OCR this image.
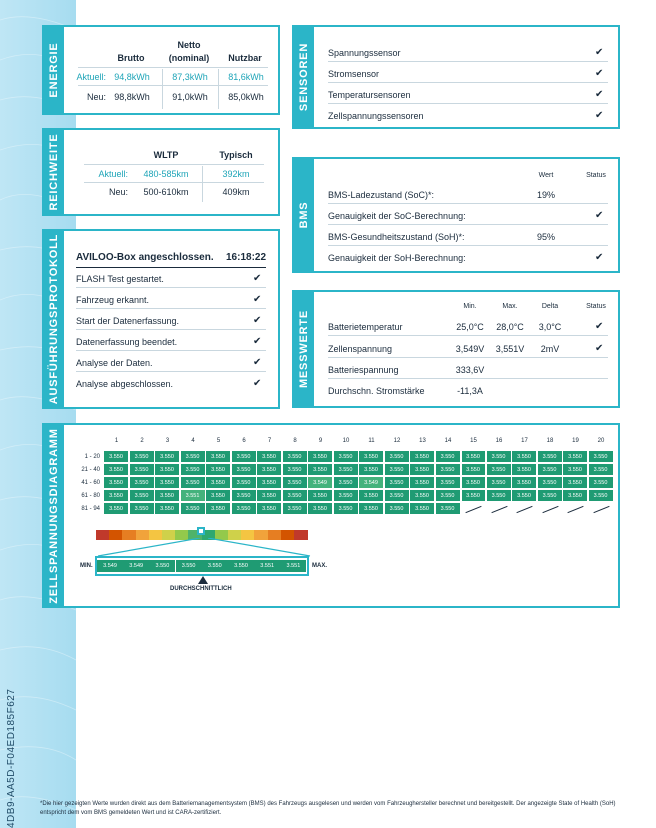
4DB9-AA5D-F04ED185F627
ENERGIE	Netto
Brutto	(nominal)	Nutzbar
Aktuell: 94,8kWh	87,3kWh	81,6kWh
Neu: 98,8kWh	91,0kWh	85,0kWh
REICHWEITE	WLTP	Typisch
Aktuell:	480-585km	392km
Neu:	500-610km	409km
AUSFÜHRUNGSPROTOKOLL AVILOO-Box angeschlossen. 16:18:22
FLASH Test gestartet.	✔
Fahrzeug erkannt.	✔
Start der Datenerfassung.	✔
Datenerfassung beendet.	✔
Analyse der Daten.	✔
Analyse abgeschlossen.	✔
SENSOREN Spannungssensor	✔
Stromsensor	✔
Temperatursensoren	✔
Zellspannungssensoren	✔
BMS
Wert	Status
BMS-Ladezustand (SoC)*:	19%
Genauigkeit der SoC-Berechnung:	✔
BMS-Gesundheitszustand (SoH)*:	95%
Genauigkeit der SoH-Berechnung:	✔
MESSWERTE
Min.	Max.	Delta	Status
Batterietemperatur	25,0°C	28,0°C	3,0°C	✔
Zellenspannung	3,549V	3,551V	2mV	✔
Batteriespannung	333,6V
Durchschn. Stromstärke	-11,3A
ZELLSPANNUNGSDIAGRAMM	1	2	3	4	5	6	7	8	9	10	11	12	13	14	15	16	17	18	19	20
1 - 20	3.550	3.550	3.550	3.550	3.550	3.550	3.550	3.550	3.550	3.550	3.550	3.550	3.550	3.550	3.550	3.550	3.550	3.550	3.550	3.550
21 - 40	3.550	3.550	3.550	3.550	3.550	3.550	3.550	3.550	3.550	3.550	3.550	3.550	3.550	3.550	3.550	3.550	3.550	3.550	3.550	3.550
41 - 60	3.550	3.550	3.550	3.550	3.550	3.550	3.550	3.550	3.549	3.550	3.549	3.550	3.550	3.550	3.550	3.550	3.550	3.550	3.550	3.550
61 - 80	3.550	3.550	3.550	3.551	3.550	3.550	3.550	3.550	3.550	3.550	3.550	3.550	3.550	3.550	3.550	3.550	3.550	3.550	3.550	3.550
81 - 94	3.550	3.550	3.550	3.550	3.550	3.550	3.550	3.550	3.550	3.550	3.550	3.550	3.550	3.550
MIN.	MAX.
3.549	3.549	3.550	3.550	3.550	3.550	3.551	3.551
DURCHSCHNITTLICH
*Die hier gezeigten Werte wurden direkt aus dem Batteriemanagementsystem (BMS) des Fahrzeugs ausgelesen und werden vom Fahrzeughersteller berechnet und bereitgestellt. Der angezeigte State of Health (SoH) entspricht dem vom BMS gemeldeten Wert und ist CARA-zertifiziert.
